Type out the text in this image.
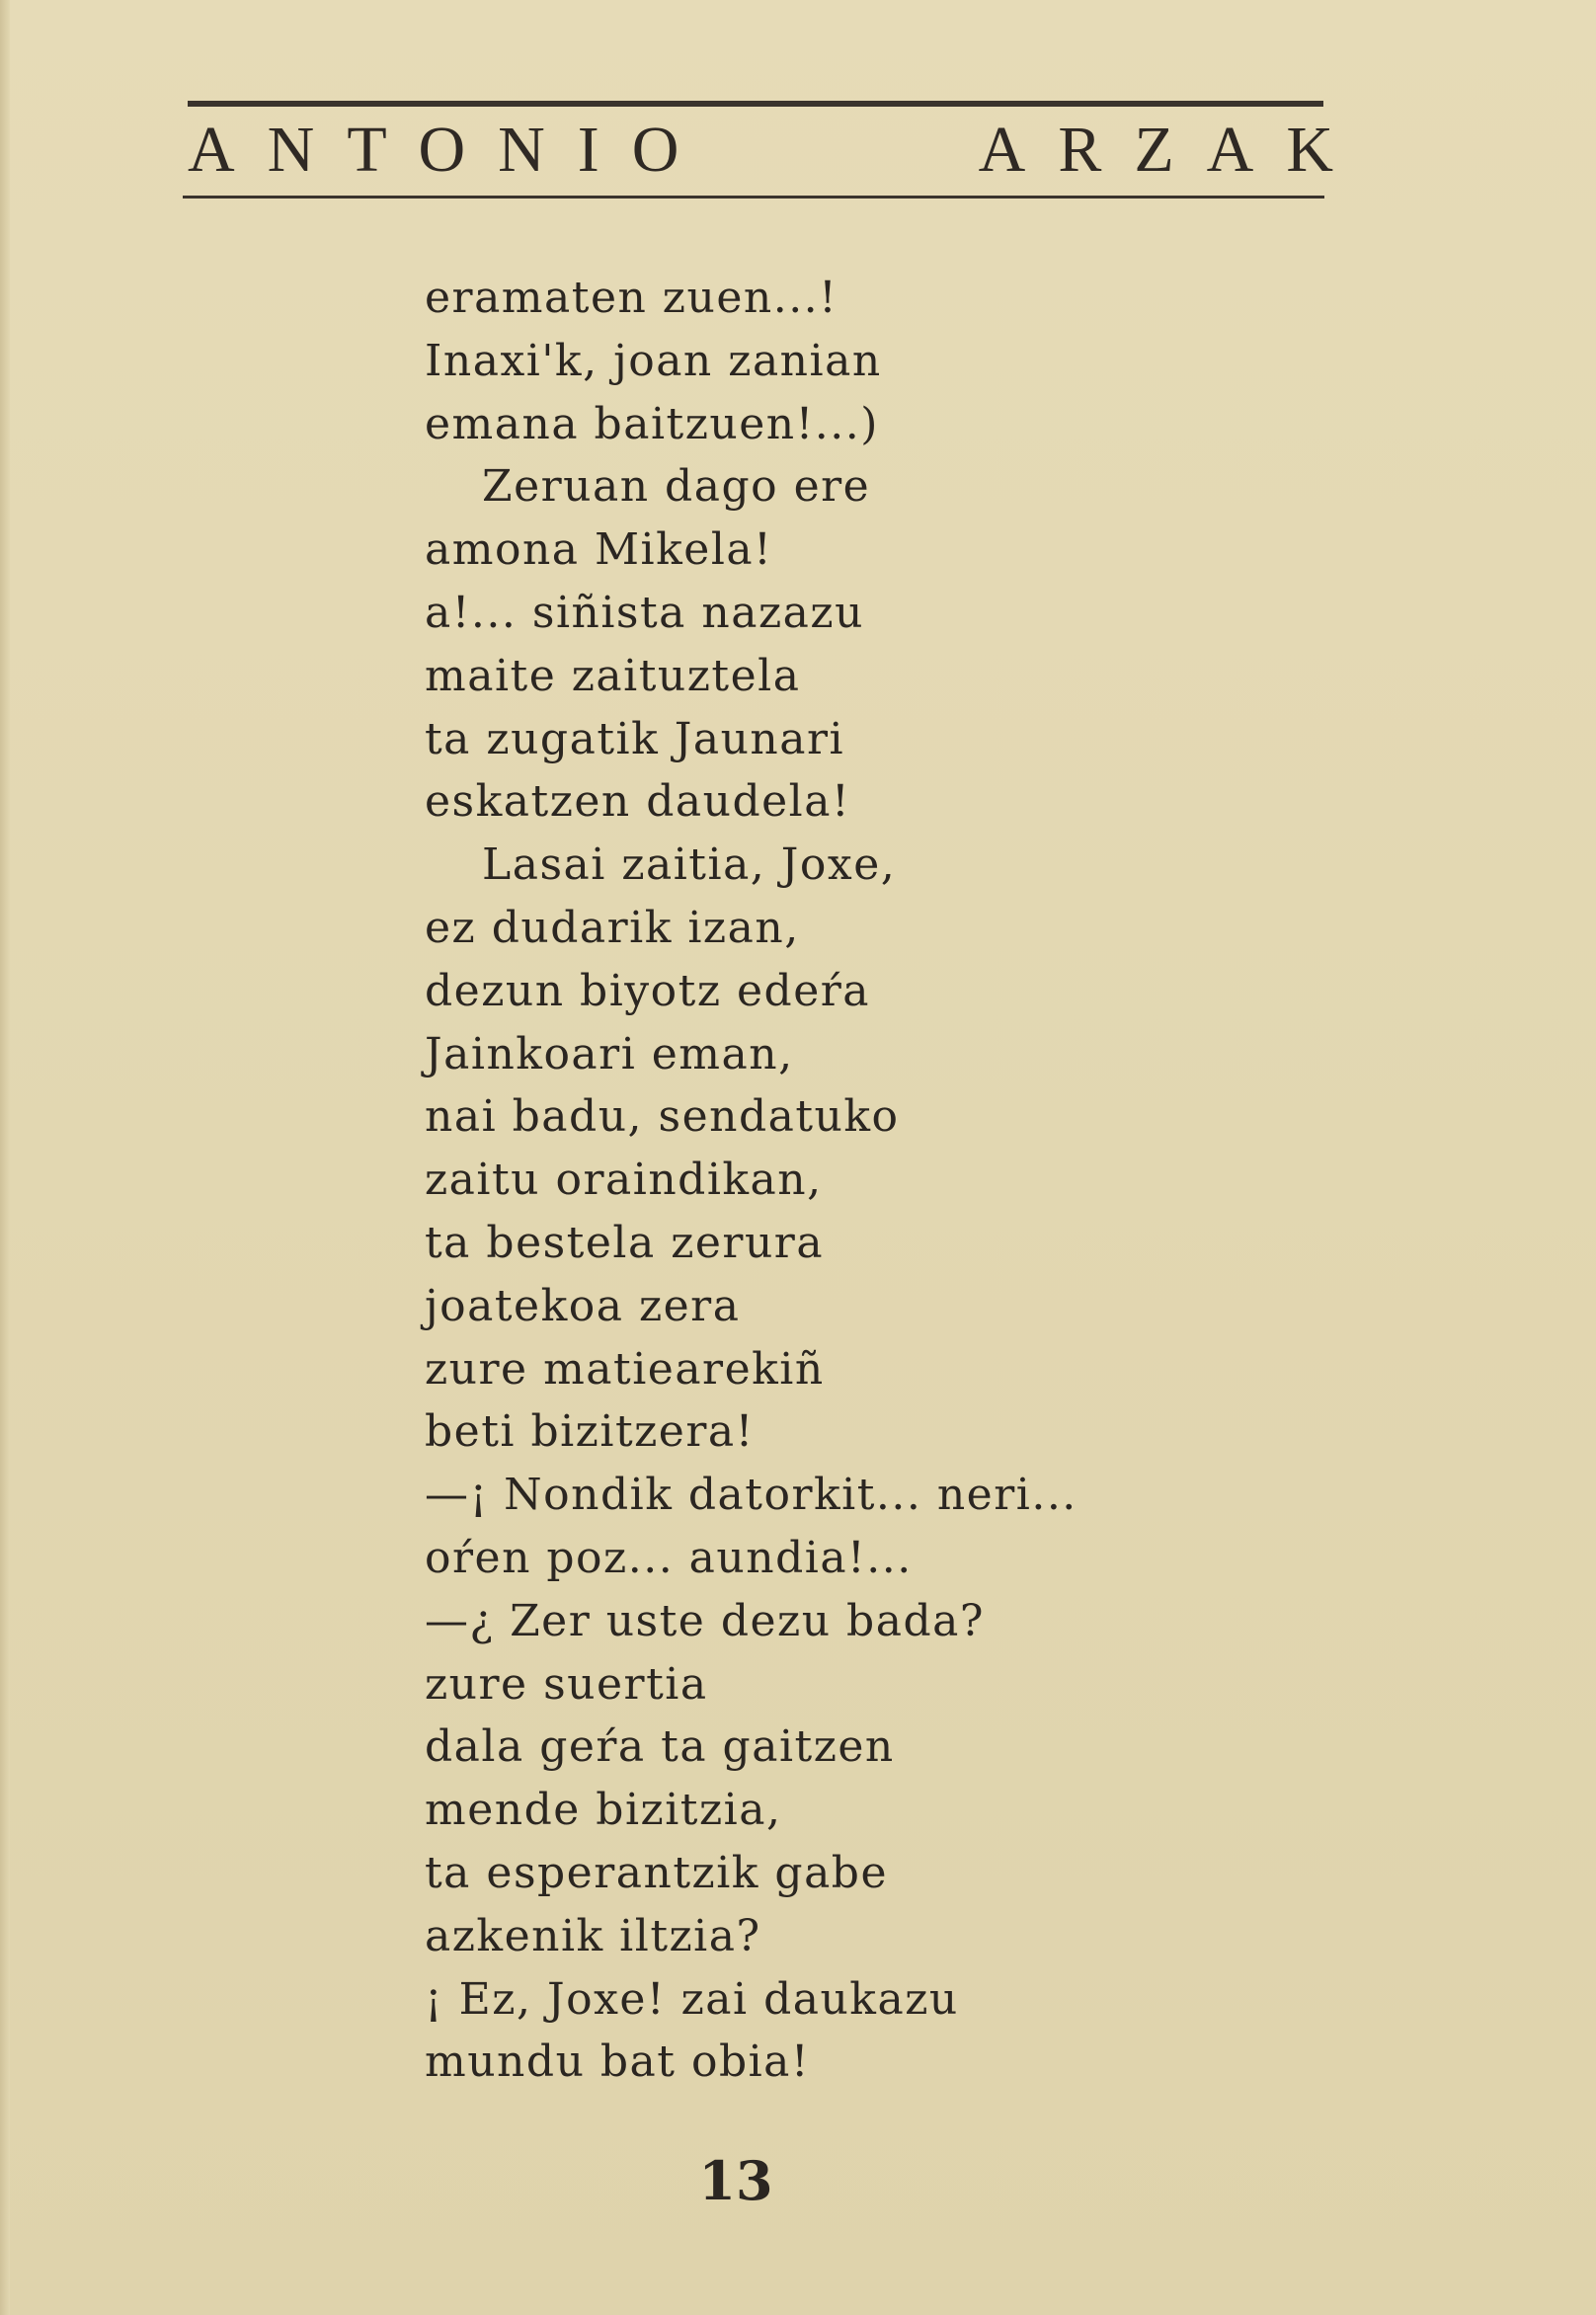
ANTONIO	ARZAK
eramaten zuen...!
Inaxi'k, joan zanian
emana baitzuen!...)
Zeruan dago ere
amona Mikela!
a!... siñista nazazu
maite zaituztela
ta zugatik Jaunari
eskatzen daudela!
Lasai zaitia, Joxe,
ez dudarik izan,
dezun biyotz edeŕa
Jainkoari eman,
nai badu, sendatuko
zaitu oraindikan,
ta bestela zerura
joatekoa zera
zure matiearekiñ
beti bizitzera!
—¡ Nondik datorkit... neri...
oŕen poz... aundia!...
—¿ Zer uste dezu bada?
zure suertia
dala geŕa ta gaitzen
mende bizitzia,
ta esperantzik gabe
azkenik iltzia?
¡ Ez, Joxe! zai daukazu
mundu bat obia!
13
